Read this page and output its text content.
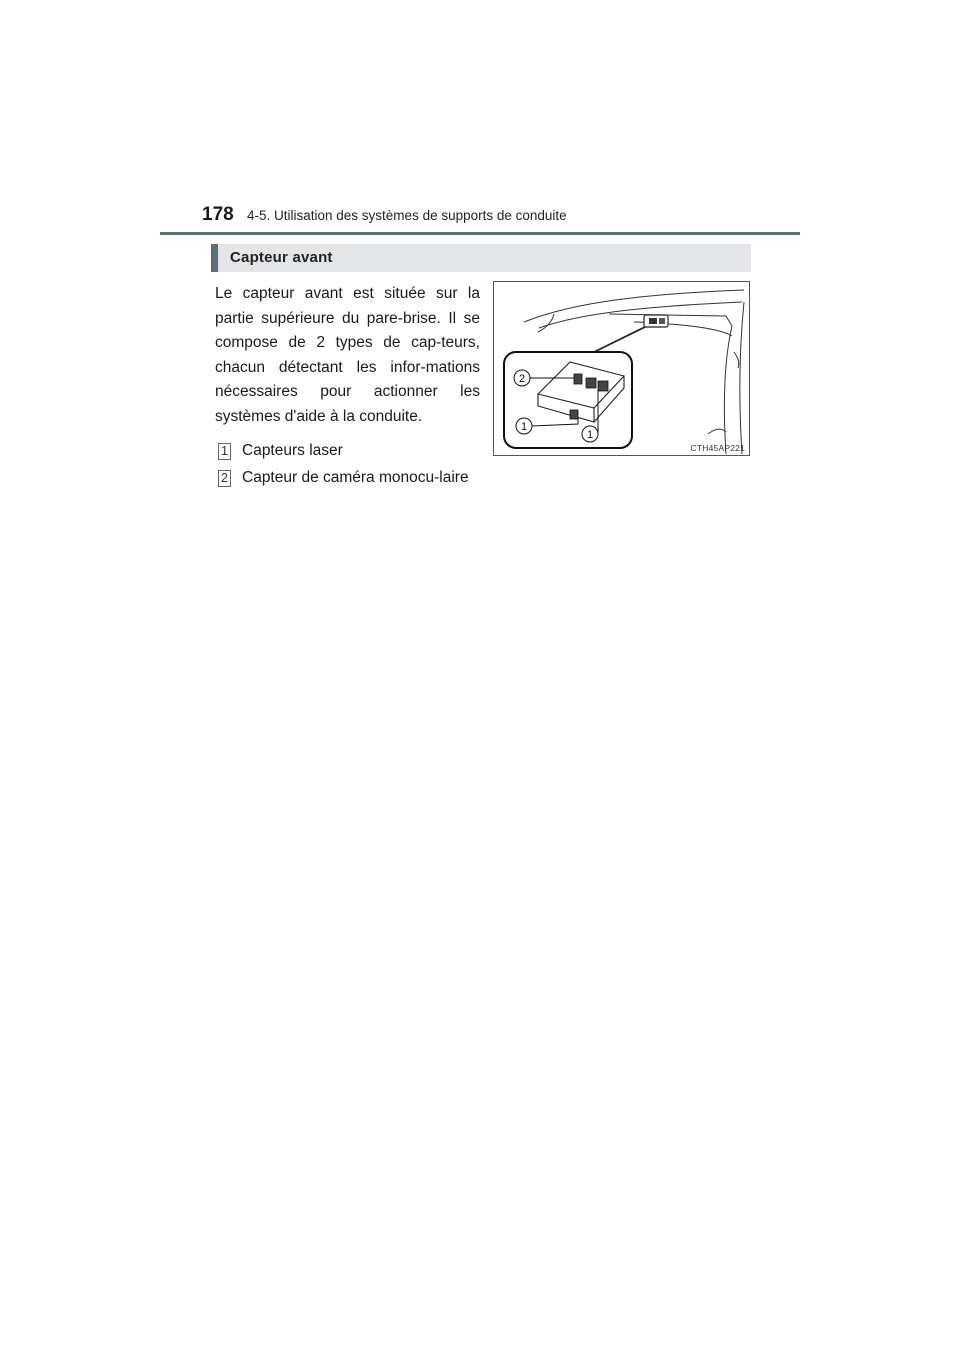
178 4-5. Utilisation des systèmes de supports de conduite
Capteur avant

Le capteur avant est située sur la partie supérieure du pare-brise. Il se compose de 2 types de cap-teurs, chacun détectant les infor-mations nécessaires pour actionner les systèmes d'aide à la conduite.

1 Capteurs laser
2 Capteur de caméra monocu-laire
2
1
1
CTH45AP221
